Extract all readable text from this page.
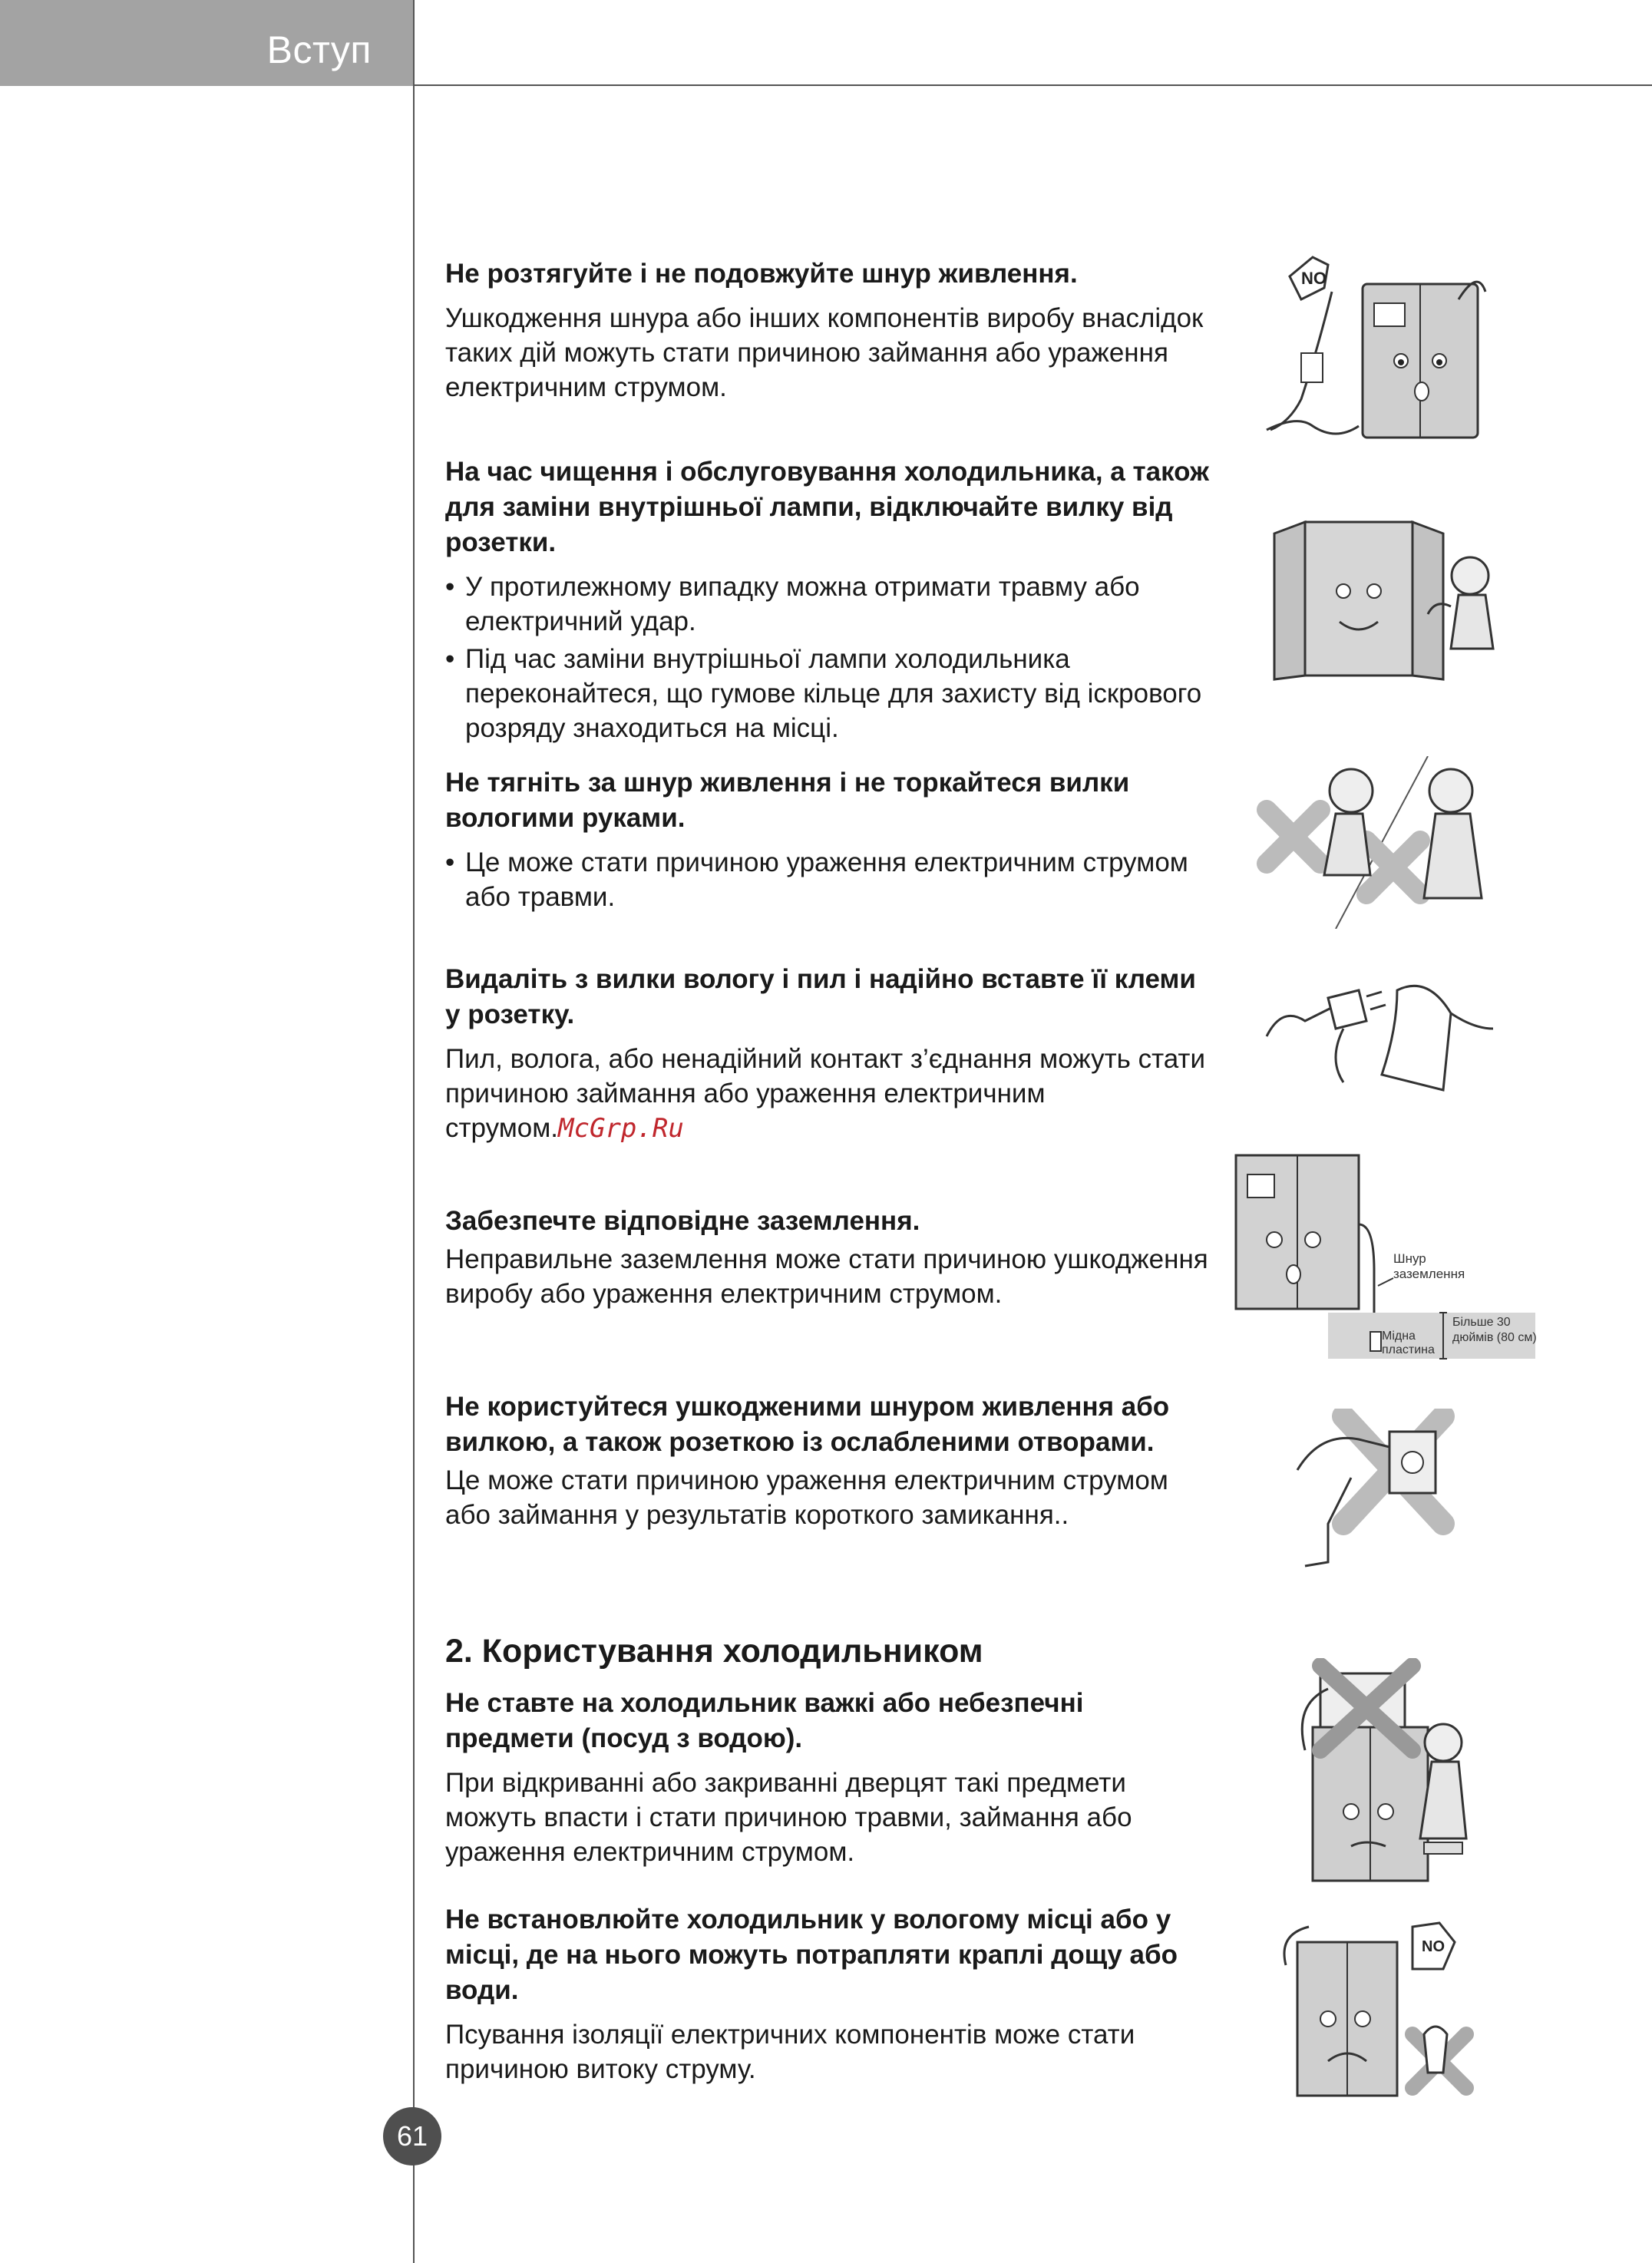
Вступ

Не розтягуйте і не подовжуйте шнур живлення.

Ушкодження шнура або інших компонентів виробу внаслідок таких дій можуть стати причиною займання або ураження електричним струмом.

На час чищення і обслуговування холодильника, а також для заміни внутрішньої лампи, відключайте вилку від розетки.

• У протилежному випадку можна отримати травму або електричний удар.
• Під час заміни внутрішньої лампи холодильника переконайтеся, що гумове кільце для захисту від іскрового розряду знаходиться на місці.

Не тягніть за шнур живлення і не торкайтеся вилки вологими руками.

• Це може стати причиною ураження електричним струмом або травми.

Видаліть з вилки вологу і пил і надійно вставте її клеми у розетку.

Пил, волога, або ненадійний контакт з’єднання можуть стати причиною займання або ураження електричним струмом.McGrp.Ru

Забезпечте відповідне заземлення.

Неправильне заземлення може стати причиною ушкодження виробу або ураження електричним струмом.

Не користуйтеся ушкодженими шнуром живлення або вилкою, а також розеткою із ослабленими отворами.

Це може стати причиною ураження електричним струмом або займання у результатів короткого замикання..

2. Користування холодильником

Не ставте на холодильник важкі або небезпечні предмети (посуд з водою).

При відкриванні або закриванні дверцят такі предмети можуть впасти і стати причиною травми, займання або ураження електричним струмом.

Не встановлюйте холодильник у вологому місці або у місці, де на нього можуть потрапляти краплі дощу або води.

Псування ізоляції електричних компонентів може стати причиною витоку струму.

NO
Шнур
заземлення
Мідна
пластина
Більше 30
дюймів (80 см)
NO
61
